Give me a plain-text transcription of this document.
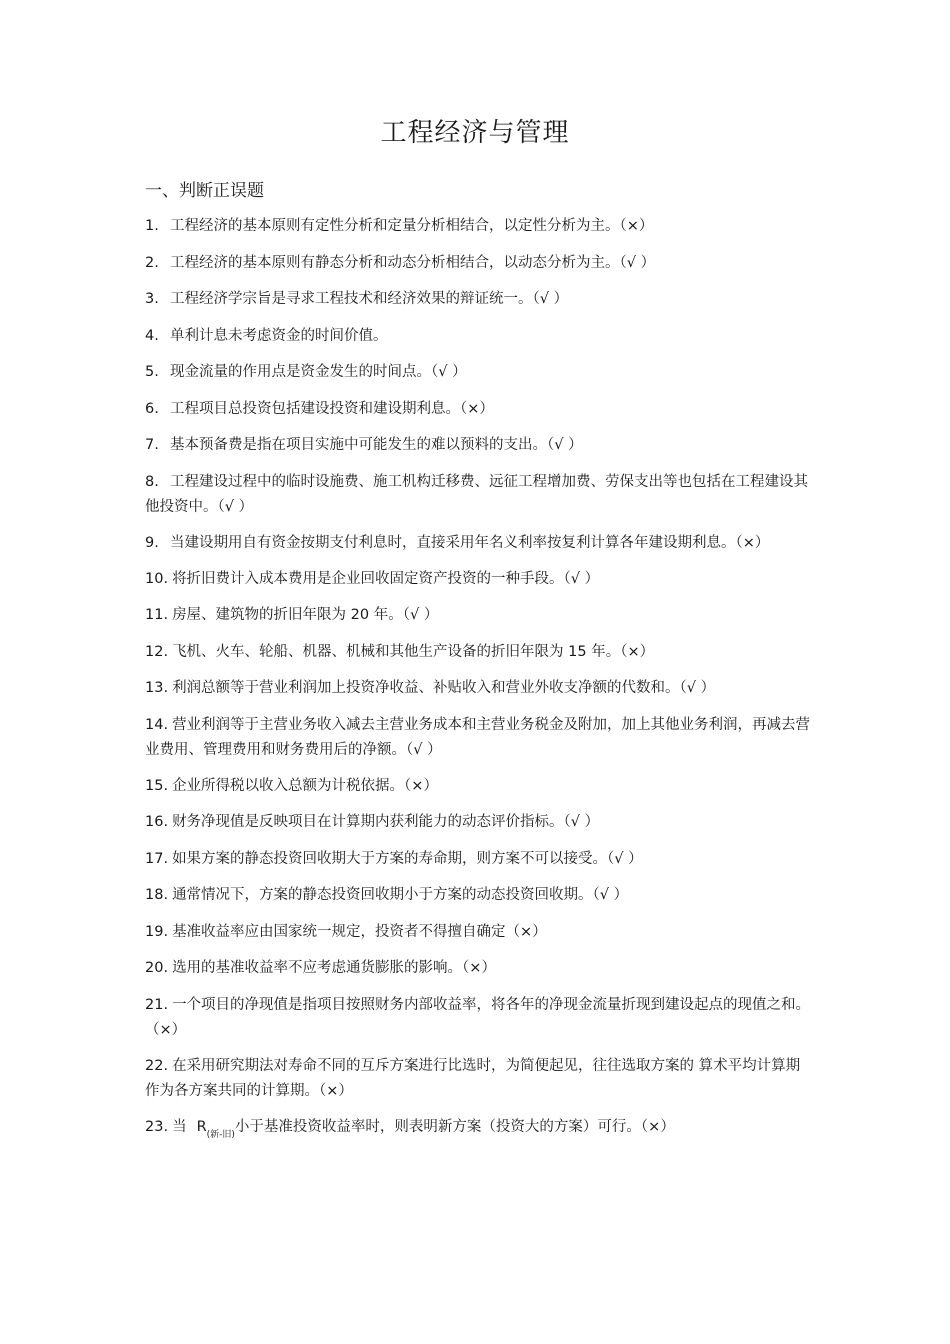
工程经济与管理
一、判断正误题
1. 工程经济的基本原则有定性分析和定量分析相结合，以定性分析为主。（×）
2. 工程经济的基本原则有静态分析和动态分析相结合，以动态分析为主。（√ ）
3. 工程经济学宗旨是寻求工程技术和经济效果的辩证统一。（√ ）
4. 单利计息未考虑资金的时间价值。
5. 现金流量的作用点是资金发生的时间点。（√ ）
6. 工程项目总投资包括建设投资和建设期利息。（×）
7. 基本预备费是指在项目实施中可能发生的难以预料的支出。（√ ）
8. 工程建设过程中的临时设施费、施工机构迁移费、远征工程增加费、劳保支出等也包括在工程建设其他投资中。（√ ）
9. 当建设期用自有资金按期支付利息时，直接采用年名义利率按复利计算各年建设期利息。（×）
10. 将折旧费计入成本费用是企业回收固定资产投资的一种手段。（√ ）
11. 房屋、建筑物的折旧年限为 20 年。（√ ）
12. 飞机、火车、轮船、机器、机械和其他生产设备的折旧年限为 15 年。（×）
13. 利润总额等于营业利润加上投资净收益、补贴收入和营业外收支净额的代数和。（√ ）
14. 营业利润等于主营业务收入减去主营业务成本和主营业务税金及附加，加上其他业务利润，再减去营业费用、管理费用和财务费用后的净额。（√ ）
15. 企业所得税以收入总额为计税依据。（×）
16. 财务净现值是反映项目在计算期内获利能力的动态评价指标。（√ ）
17. 如果方案的静态投资回收期大于方案的寿命期，则方案不可以接受。（√ ）
18. 通常情况下，方案的静态投资回收期小于方案的动态投资回收期。（√ ）
19. 基准收益率应由国家统一规定，投资者不得擅自确定（×）
20. 选用的基准收益率不应考虑通货膨胀的影响。（×）
21. 一个项目的净现值是指项目按照财务内部收益率，将各年的净现金流量折现到建设起点的现值之和。（×）
22. 在采用研究期法对寿命不同的互斥方案进行比选时，为简便起见，往往选取方案的 算术平均计算期作为各方案共同的计算期。（×）
23. 当 $R_{(新-旧)}$小于基准投资收益率时，则表明新方案（投资大的方案）可行。（×）
